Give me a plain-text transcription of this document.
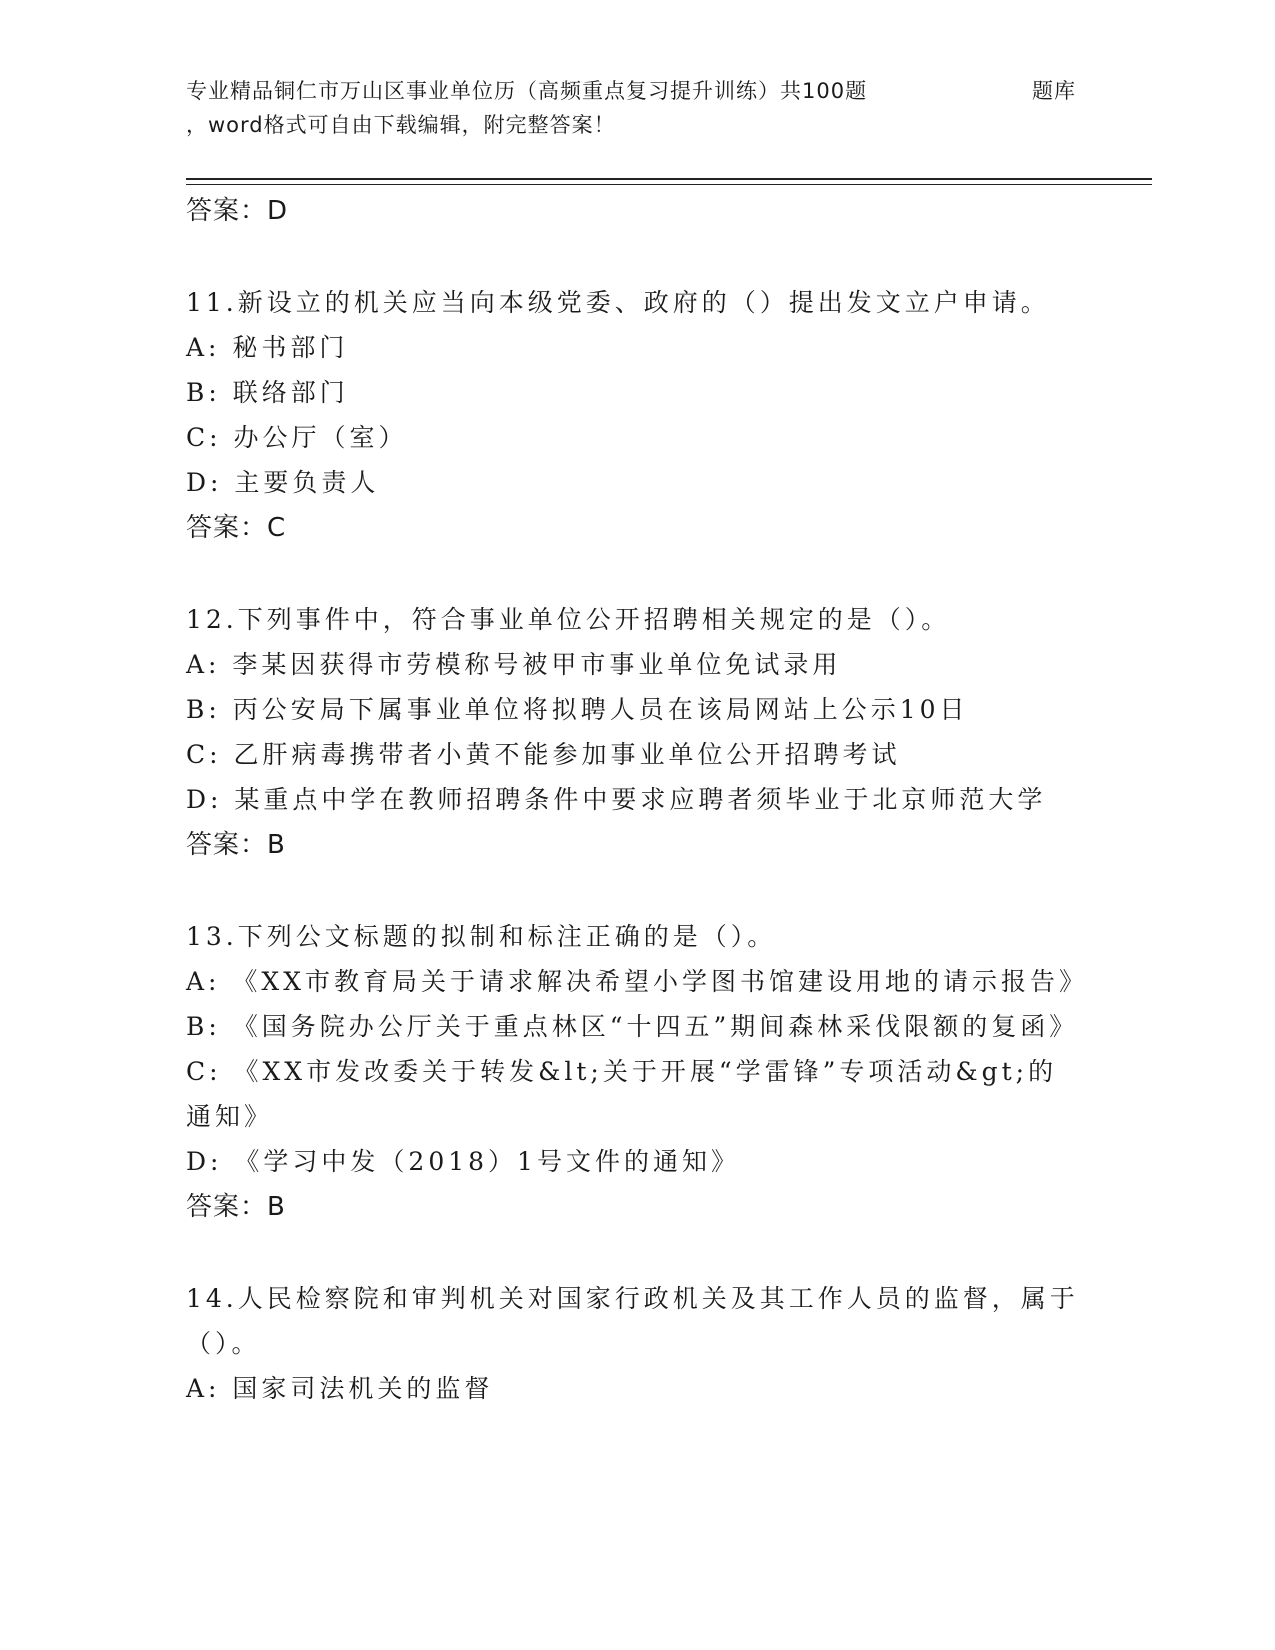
专业精品铜仁市万山区事业单位历（高频重点复习提升训练）共100题	题库
，word格式可自由下载编辑，附完整答案！

答案：D

11.新设立的机关应当向本级党委、政府的（）提出发文立户申请。

A: 秘书部门

B: 联络部门

C: 办公厅（室）

D: 主要负责人

答案：C

12.下列事件中，符合事业单位公开招聘相关规定的是（）。

A: 李某因获得市劳模称号被甲市事业单位免试录用

B: 丙公安局下属事业单位将拟聘人员在该局网站上公示10日

C: 乙肝病毒携带者小黄不能参加事业单位公开招聘考试

D: 某重点中学在教师招聘条件中要求应聘者须毕业于北京师范大学

答案：B

13.下列公文标题的拟制和标注正确的是（）。

A: 《XX市教育局关于请求解决希望小学图书馆建设用地的请示报告》

B: 《国务院办公厅关于重点林区“十四五”期间森林采伐限额的复函》

C: 《XX市发改委关于转发&lt;关于开展“学雷锋”专项活动&gt;的通知》

D: 《学习中发（2018）1号文件的通知》

答案：B

14.人民检察院和审判机关对国家行政机关及其工作人员的监督，属于（）。

A: 国家司法机关的监督
